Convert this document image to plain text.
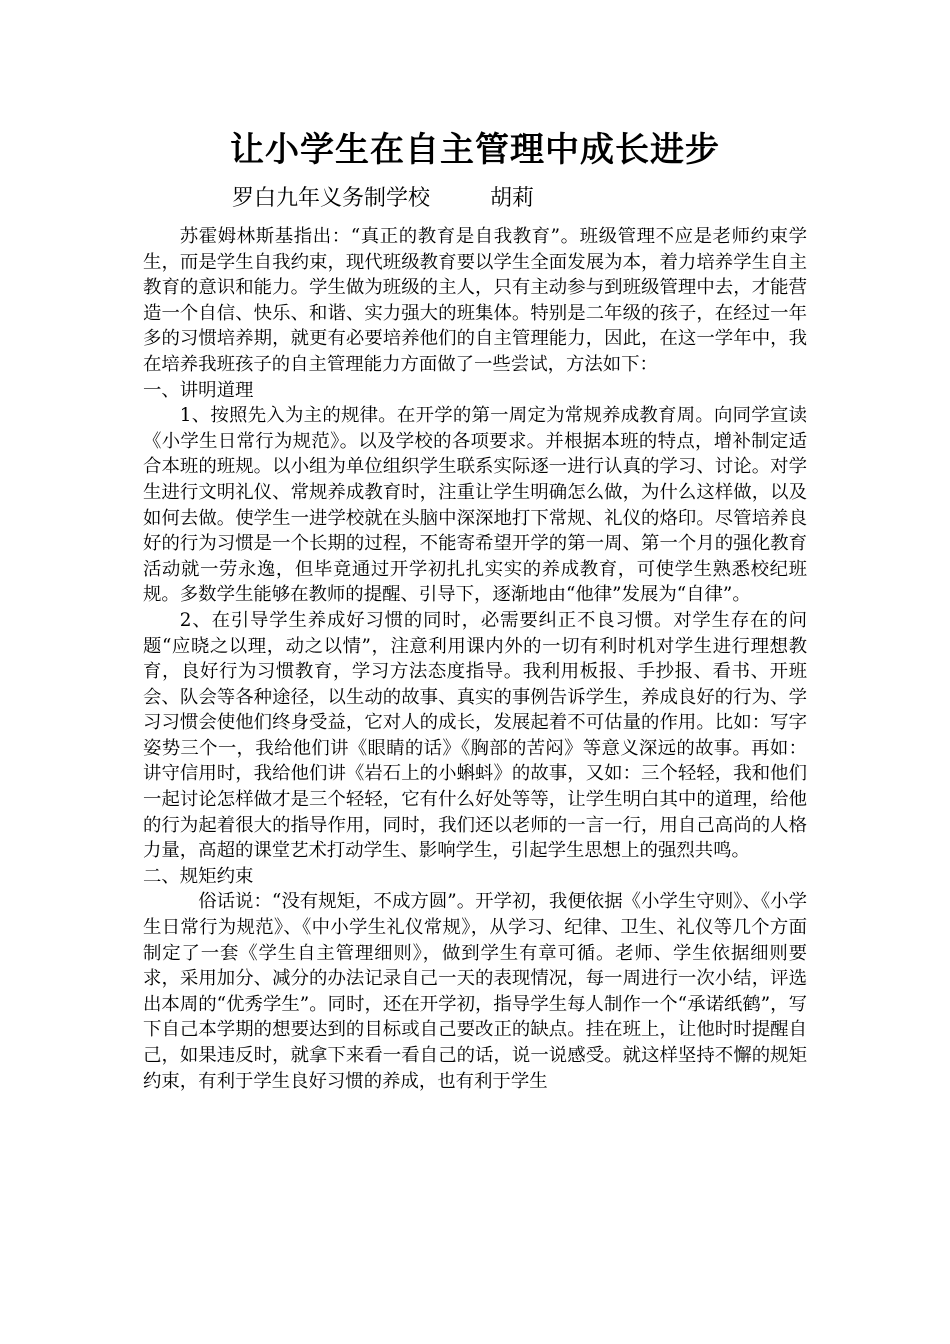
让小学生在自主管理中成长进步
罗白九年义务制学校	胡莉

苏霍姆林斯基指出：“真正的教育是自我教育”。班级管理不应是老师约束学生，而是学生自我约束，现代班级教育要以学生全面发展为本，着力培养学生自主教育的意识和能力。学生做为班级的主人，只有主动参与到班级管理中去，才能营造一个自信、快乐、和谐、实力强大的班集体。特别是二年级的孩子，在经过一年多的习惯培养期，就更有必要培养他们的自主管理能力，因此，在这一学年中，我在培养我班孩子的自主管理能力方面做了一些尝试，方法如下：

一、讲明道理

1、按照先入为主的规律。在开学的第一周定为常规养成教育周。向同学宣读《小学生日常行为规范》。以及学校的各项要求。并根据本班的特点，增补制定适合本班的班规。以小组为单位组织学生联系实际逐一进行认真的学习、讨论。对学生进行文明礼仪、常规养成教育时，注重让学生明确怎么做，为什么这样做，以及如何去做。使学生一进学校就在头脑中深深地打下常规、礼仪的烙印。尽管培养良好的行为习惯是一个长期的过程，不能寄希望开学的第一周、第一个月的强化教育活动就一劳永逸，但毕竟通过开学初扎扎实实的养成教育，可使学生熟悉校纪班规。多数学生能够在教师的提醒、引导下，逐渐地由“他律”发展为“自律”。

2、在引导学生养成好习惯的同时，必需要纠正不良习惯。对学生存在的问题“应晓之以理，动之以情”，注意利用课内外的一切有利时机对学生进行理想教育，良好行为习惯教育，学习方法态度指导。我利用板报、手抄报、看书、开班会、队会等各种途径，以生动的故事、真实的事例告诉学生，养成良好的行为、学习习惯会使他们终身受益，它对人的成长，发展起着不可估量的作用。比如：写字姿势三个一，我给他们讲《眼睛的话》《胸部的苦闷》等意义深远的故事。再如：讲守信用时，我给他们讲《岩石上的小蝌蚪》的故事，又如：三个轻轻，我和他们一起讨论怎样做才是三个轻轻，它有什么好处等等，让学生明白其中的道理，给他的行为起着很大的指导作用，同时，我们还以老师的一言一行，用自己高尚的人格力量，高超的课堂艺术打动学生、影响学生，引起学生思想上的强烈共鸣。

二、规矩约束

俗话说：“没有规矩，不成方圆”。开学初，我便依据《小学生守则》、《小学生日常行为规范》、《中小学生礼仪常规》，从学习、纪律、卫生、礼仪等几个方面制定了一套《学生自主管理细则》，做到学生有章可循。老师、学生依据细则要求，采用加分、减分的办法记录自己一天的表现情况，每一周进行一次小结，评选出本周的“优秀学生”。同时，还在开学初，指导学生每人制作一个“承诺纸鹤”，写下自己本学期的想要达到的目标或自己要改正的缺点。挂在班上，让他时时提醒自己，如果违反时，就拿下来看一看自己的话，说一说感受。就这样坚持不懈的规矩约束，有利于学生良好习惯的养成，也有利于学生
